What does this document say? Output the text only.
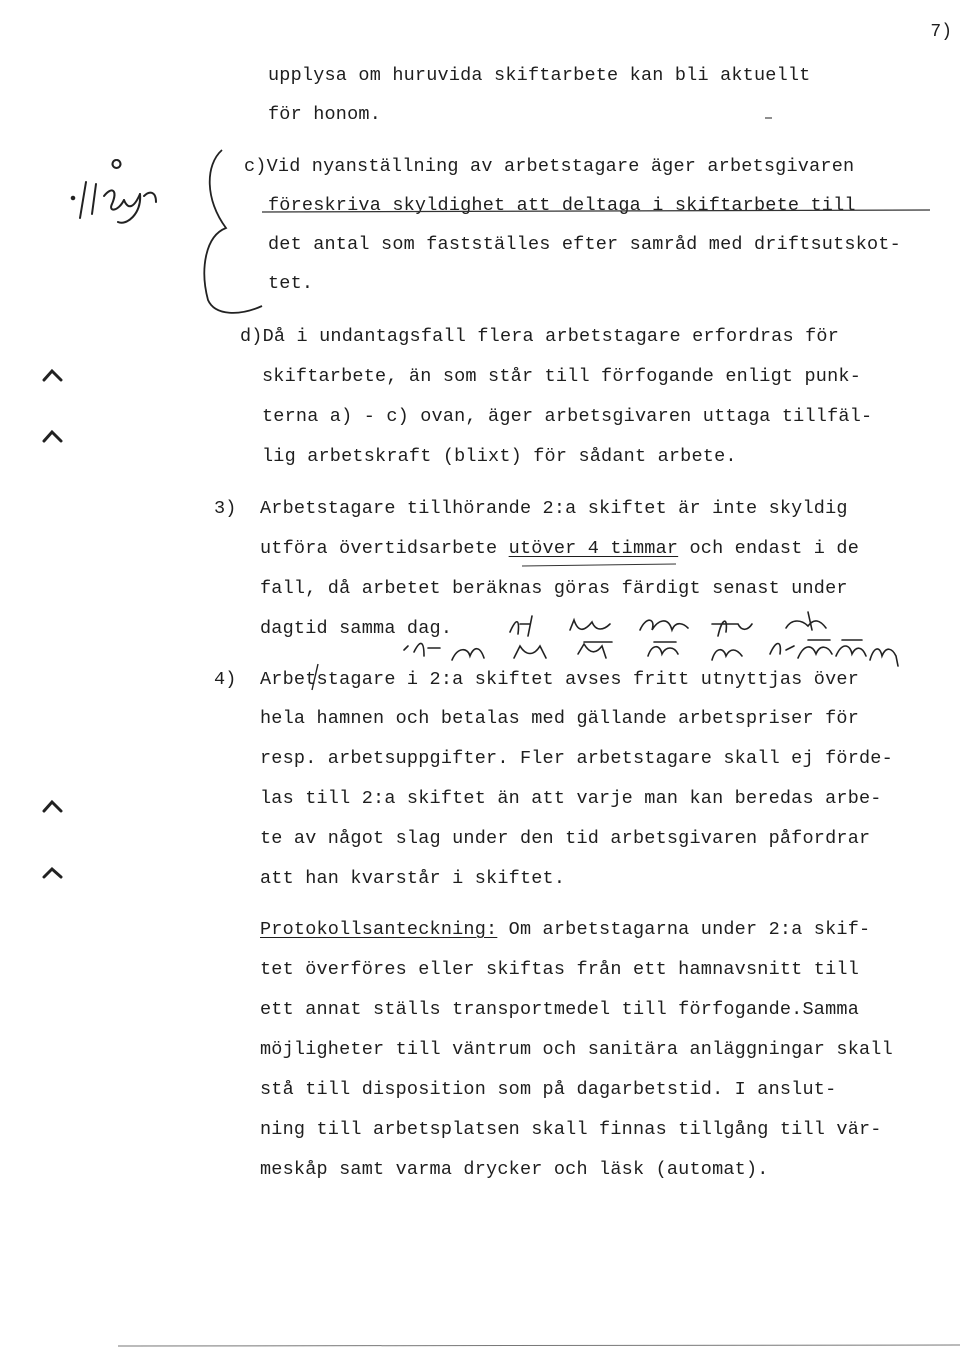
7)
upplysa om huruvida skiftarbete kan bli aktuellt
för honom.
c)Vid nyanställning av arbetstagare äger arbetsgivaren
föreskriva skyldighet att deltaga i skiftarbete till
det antal som fastställes efter samråd med driftsutskot-
tet.
d)Då i undantagsfall flera arbetstagare erfordras för
skiftarbete, än som står till förfogande enligt punk-
terna a) - c) ovan, äger arbetsgivaren uttaga tillfäl-
lig arbetskraft (blixt) för sådant arbete.
3) Arbetstagare tillhörande 2:a skiftet är inte skyldig
utföra övertidsarbete utöver 4 timmar och endast i de
fall, då arbetet beräknas göras färdigt senast under
dagtid samma dag.
4) Arbetstagare i 2:a skiftet avses fritt utnyttjas över
hela hamnen och betalas med gällande arbetspriser för
resp. arbetsuppgifter. Fler arbetstagare skall ej förde-
las till 2:a skiftet än att varje man kan beredas arbe-
te av något slag under den tid arbetsgivaren påfordrar
att han kvarstår i skiftet.
Protokollsanteckning: Om arbetstagarna under 2:a skif-
tet överföres eller skiftas från ett hamnavsnitt till
ett annat ställs transportmedel till förfogande.Samma
möjligheter till väntrum och sanitära anläggningar skall
stå till disposition som på dagarbetstid. I anslut-
ning till arbetsplatsen skall finnas tillgång till vär-
meskåp samt varma drycker och läsk (automat).
